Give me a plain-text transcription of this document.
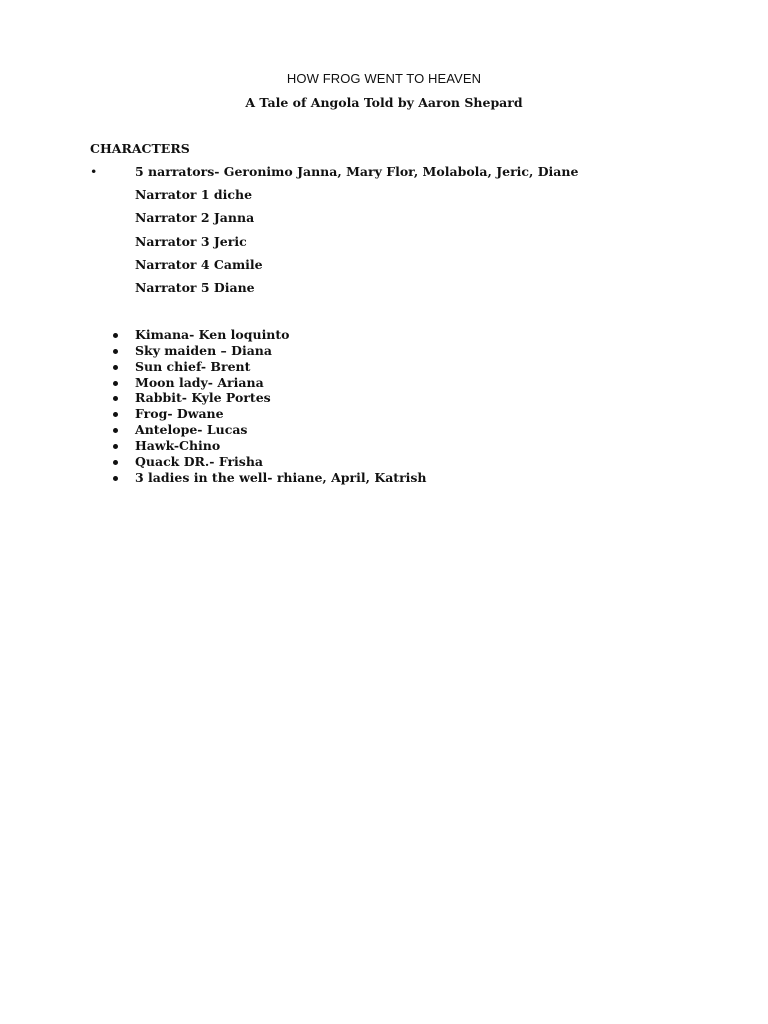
HOW FROG WENT TO HEAVEN
A Tale of Angola Told by Aaron Shepard
CHARACTERS
•	5 narrators- Geronimo Janna, Mary Flor, Molabola, Jeric, Diane
Narrator 1 diche
Narrator 2 Janna
Narrator 3 Jeric
Narrator 4 Camile
Narrator 5 Diane
Kimana- Ken loquinto
Sky maiden – Diana
Sun chief- Brent
Moon lady- Ariana
Rabbit- Kyle Portes
Frog- Dwane
Antelope- Lucas
Hawk-Chino
Quack DR.- Frisha
3 ladies in the well- rhiane, April, Katrish
